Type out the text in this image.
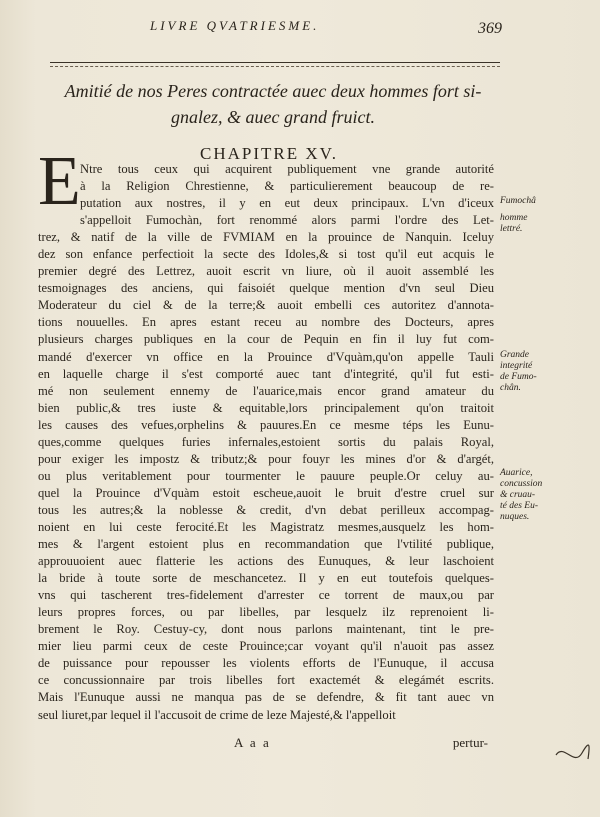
LIVRE QVATRIESME.	369
Amitié de nos Peres contractée auec deux hommes fort si-
gnalez, & auec grand fruict.
CHAPITRE XV.
E Ntre tous ceux qui acquirent publiquement vne grande autorité
à la Religion Chrestienne, & particulierement beaucoup de re-
putation aux nostres, il y en eut deux principaux. L'vn d'iceux
s'appelloit Fumochàn, fort renommé alors parmi l'ordre des Let-
trez, & natif de la ville de FVMIAM en la prouince de Nanquin. Iceluy
dez son enfance perfectioit la secte des Idoles,& si tost qu'il eut acquis le
premier degré des Lettrez, auoit escrit vn liure, où il auoit assemblé les
tesmoignages des anciens, qui faisoiét quelque mention d'vn seul Dieu
Moderateur du ciel & de la terre;& auoit embelli ces autoritez d'annota-
tions nouuelles. En apres estant receu au nombre des Docteurs, apres
plusieurs charges publiques en la cour de Pequin en fin il luy fut com-
mandé d'exercer vn office en la Prouince d'Vquàm,qu'on appelle Tauli
en laquelle charge il s'est comporté auec tant d'integrité, qu'il fut esti-
mé non seulement ennemy de l'auarice,mais encor grand amateur du
bien public,& tres iuste & equitable,lors principalement qu'on traitoit
les causes des vefues,orphelins & pauures.En ce mesme téps les Eunu-
ques,comme quelques furies infernales,estoient sortis du palais Royal,
pour exiger les impostz & tributz;& pour fouyr les mines d'or & d'argét,
ou plus veritablement pour tourmenter le pauure peuple.Or celuy au-
quel la Prouince d'Vquàm estoit escheue,auoit le bruit d'estre cruel sur
tous les autres;& la noblesse & credit, d'vn debat perilleux accompag-
noient en lui ceste ferocité.Et les Magistratz mesmes,ausquelz les hom-
mes & l'argent estoient plus en recommandation que l'vtilité publique,
approuuoient auec flatterie les actions des Eunuques, & leur laschoient
la bride à toute sorte de meschancetez. Il y en eut toutefois quelques-
vns qui tascherent tres-fidelement d'arrester ce torrent de maux,ou par
leurs propres forces, ou par libelles, par lesquelz ilz reprenoient li-
brement le Roy. Cestuy-cy, dont nous parlons maintenant, tint le pre-
mier lieu parmi ceux de ceste Prouince;car voyant qu'il n'auoit pas assez
de puissance pour repousser les violents efforts de l'Eunuque, il accusa
ce concussionnaire par trois libelles fort exactemét & elegámét escrits.
Mais l'Eunuque aussi ne manqua pas de se defendre, & fit tant auec vn
seul liuret,par lequel il l'accusoit de crime de leze Majesté,& l'appelloit
Fumochâ
homme
lettré.
Grande
integrité
de Fumo-
chân.
Auarice,
concussion
& cruau-
té des Eu-
nuques.
A a a	pertur-
